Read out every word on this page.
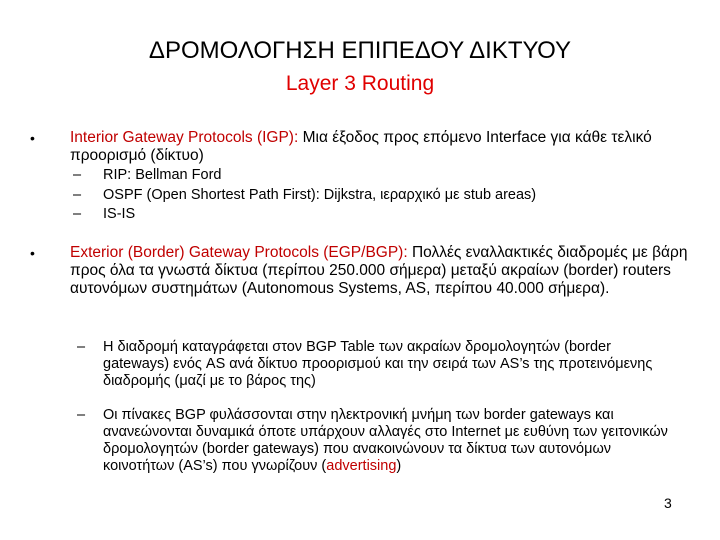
ΔΡΟΜΟΛΟΓΗΣΗ ΕΠΙΠΕΔΟΥ ΔΙΚΤΥΟΥ
Layer 3 Routing
• Interior Gateway Protocols (IGP): Μια έξοδος προς επόμενο Interface για κάθε τελικό προορισμό (δίκτυο)
–	RIP: Bellman Ford
–	OSPF (Open Shortest Path First): Dijkstra, ιεραρχικό με stub areas)
–	IS-IS
• Exterior (Border) Gateway Protocols (EGP/BGP): Πολλές εναλλακτικές διαδρομές με βάρη προς όλα τα γνωστά δίκτυα (περίπου 250.000 σήμερα) μεταξύ ακραίων (border) routers αυτονόμων συστημάτων (Autonomous Systems, AS, περίπου 40.000 σήμερα).
–	Η διαδρομή καταγράφεται στον BGP Table των ακραίων δρομολογητών (border gateways) ενός AS ανά δίκτυο προορισμού και την σειρά των AS’s της προτεινόμενης διαδρομής (μαζί με το βάρος της)
–	Οι πίνακες BGP φυλάσσονται στην ηλεκτρονική μνήμη των border gateways και ανανεώνονται δυναμικά όποτε υπάρχουν αλλαγές στο Internet με ευθύνη των γειτονικών δρομολογητών (border gateways) που ανακοινώνουν τα δίκτυα των αυτονόμων κοινοτήτων (AS’s) που γνωρίζουν (advertising)
3
